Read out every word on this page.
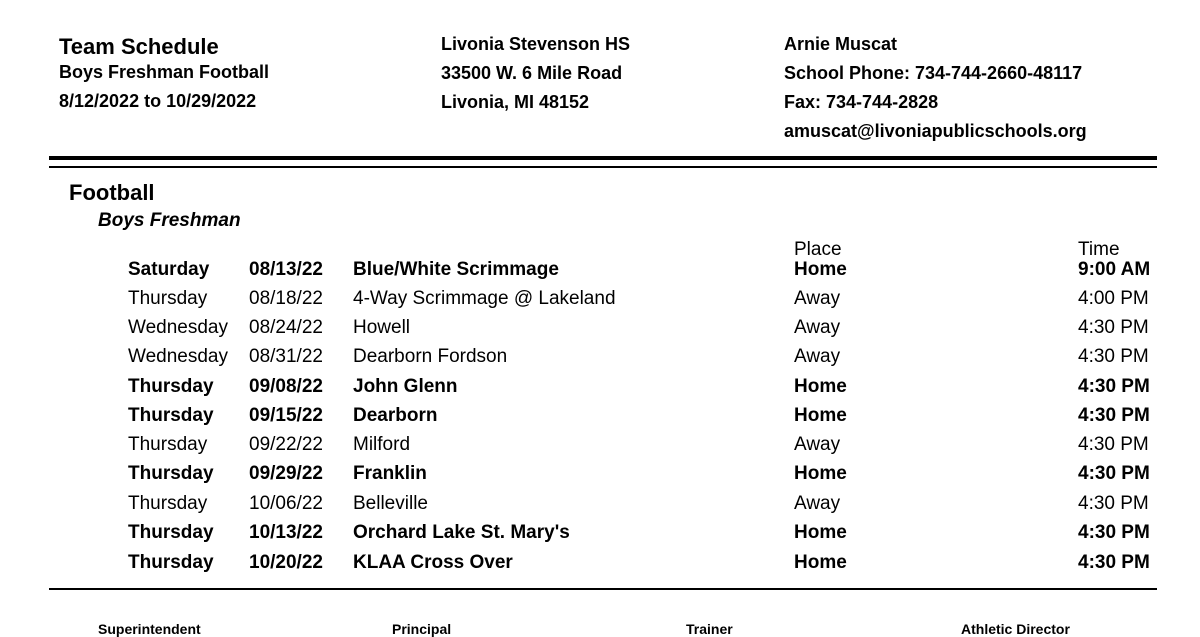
Team Schedule
Boys Freshman Football
8/12/2022 to 10/29/2022
Livonia Stevenson HS
33500 W. 6 Mile Road
Livonia, MI 48152
Arnie Muscat
School Phone: 734-744-2660-48117
Fax: 734-744-2828
amuscat@livoniapublicschools.org
Football
Boys Freshman
Place	Time
Saturday 08/13/22 Blue/White Scrimmage	Home	9:00 AM
Thursday 08/18/22 4-Way Scrimmage @ Lakeland	Away	4:00 PM
Wednesday 08/24/22 Howell	Away	4:30 PM
Wednesday 08/31/22 Dearborn Fordson	Away	4:30 PM
Thursday 09/08/22 John Glenn	Home	4:30 PM
Thursday 09/15/22 Dearborn	Home	4:30 PM
Thursday 09/22/22 Milford	Away	4:30 PM
Thursday 09/29/22 Franklin	Home	4:30 PM
Thursday 10/06/22 Belleville	Away	4:30 PM
Thursday 10/13/22 Orchard Lake St. Mary's	Home	4:30 PM
Thursday 10/20/22 KLAA Cross Over	Home	4:30 PM
Superintendent	Principal	Trainer	Athletic Director
